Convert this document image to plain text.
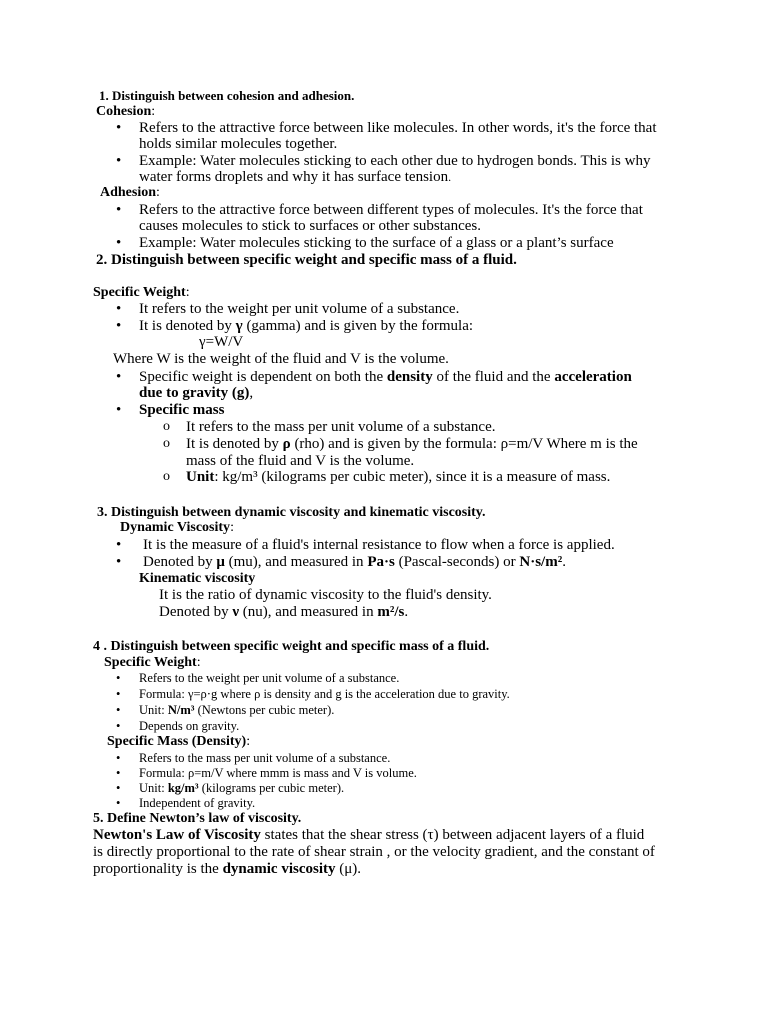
1. Distinguish between cohesion and adhesion.
Cohesion:
•
Refers to the attractive force between like molecules. In other words, it's the force that
holds similar molecules together.
•
Example: Water molecules sticking to each other due to hydrogen bonds. This is why
water forms droplets and why it has surface tension.
Adhesion:
•
Refers to the attractive force between different types of molecules. It's the force that
causes molecules to stick to surfaces or other substances.
•
Example: Water molecules sticking to the surface of a glass or a plant’s surface
2. Distinguish between specific weight and specific mass of a fluid.
Specific Weight:
•
It refers to the weight per unit volume of a substance.
•
It is denoted by γ (gamma) and is given by the formula:
γ=W/V
Where W is the weight of the fluid and V is the volume.
•
Specific weight is dependent on both the density of the fluid and the acceleration
due to gravity (g),
•
Specific mass
o
It refers to the mass per unit volume of a substance.
o
It is denoted by ρ (rho) and is given by the formula: ρ=m/V Where m is the
mass of the fluid and V is the volume.
o
Unit: kg/m³ (kilograms per cubic meter), since it is a measure of mass.
3. Distinguish between dynamic viscosity and kinematic viscosity.
Dynamic Viscosity:
•
It is the measure of a fluid's internal resistance to flow when a force is applied.
•
Denoted by μ (mu), and measured in Pa·s (Pascal-seconds) or N·s/m².
Kinematic viscosity
It is the ratio of dynamic viscosity to the fluid's density.
Denoted by ν (nu), and measured in m²/s.
4 . Distinguish between specific weight and specific mass of a fluid.
Specific Weight:
•
Refers to the weight per unit volume of a substance.
•
Formula: γ=ρ⋅g where ρ is density and g is the acceleration due to gravity.
•
Unit: N/m³ (Newtons per cubic meter).
•
Depends on gravity.
Specific Mass (Density):
•
Refers to the mass per unit volume of a substance.
•
Formula: ρ=m/V where mmm is mass and V is volume.
•
Unit: kg/m³ (kilograms per cubic meter).
•
Independent of gravity.
5. Define Newton’s law of viscosity.
Newton's Law of Viscosity states that the shear stress (τ) between adjacent layers of a fluid
is directly proportional to the rate of shear strain , or the velocity gradient, and the constant of
proportionality is the dynamic viscosity (μ).
